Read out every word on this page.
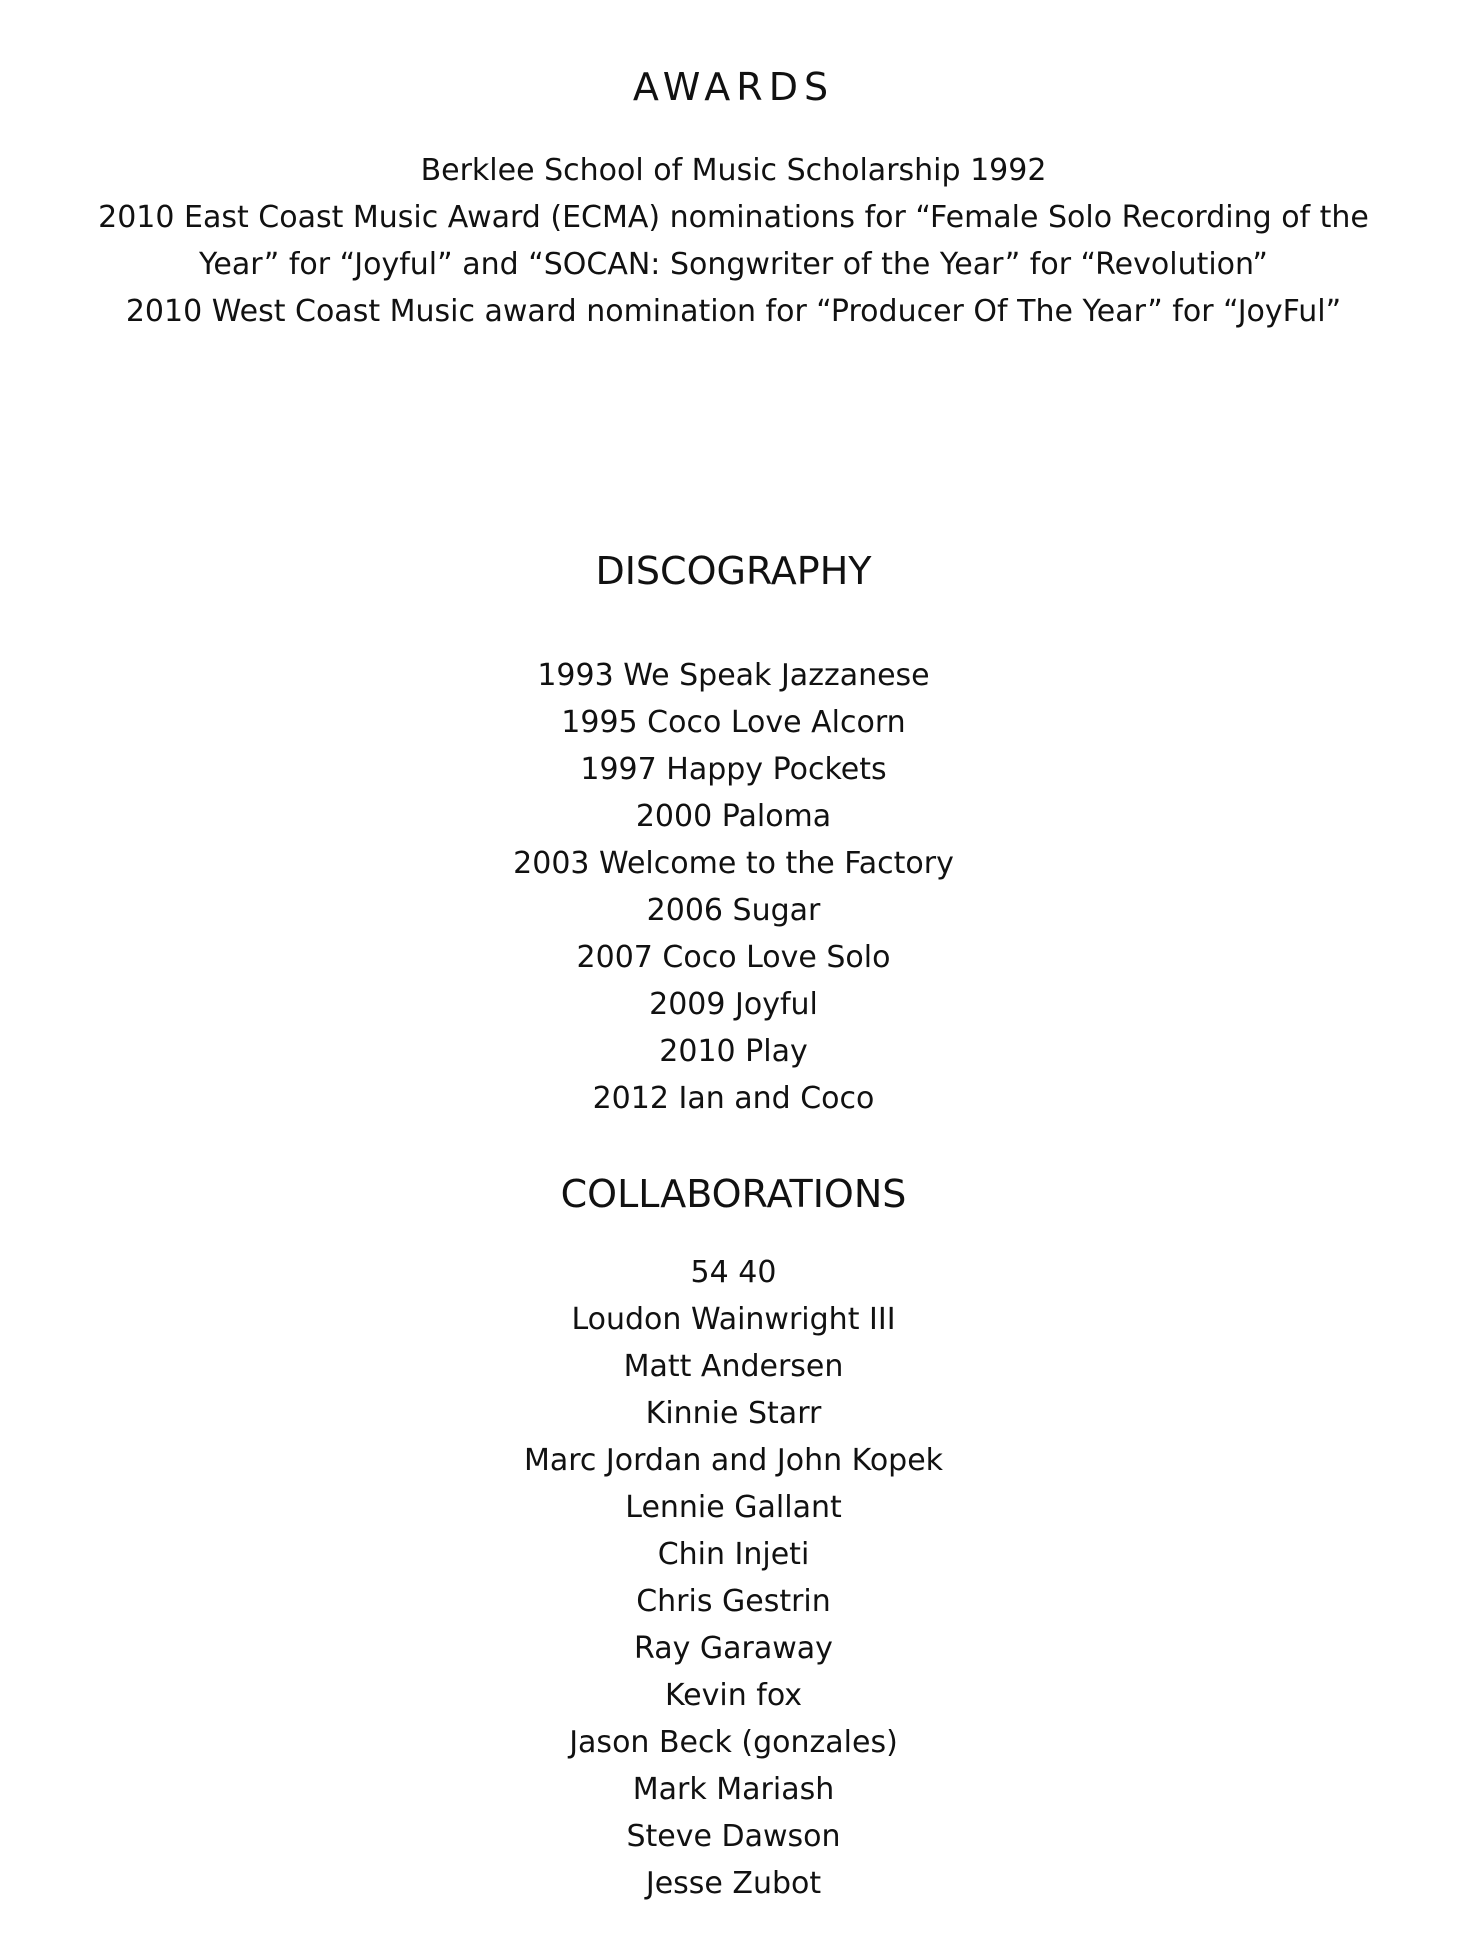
AWARDS
Berklee School of Music Scholarship 1992
2010 East Coast Music Award (ECMA) nominations for “Female Solo Recording of the Year” for “Joyful” and “SOCAN: Songwriter of the Year” for “Revolution”
2010 West Coast Music award nomination for “Producer Of The Year” for “JoyFul”
DISCOGRAPHY
1993 We Speak Jazzanese
1995 Coco Love Alcorn
1997 Happy Pockets
2000 Paloma
2003 Welcome to the Factory
2006 Sugar
2007 Coco Love Solo
2009 Joyful
2010 Play
2012 Ian and Coco
COLLABORATIONS
54 40
Loudon Wainwright III
Matt Andersen
Kinnie Starr
Marc Jordan and John Kopek
Lennie Gallant
Chin Injeti
Chris Gestrin
Ray Garaway
Kevin fox
Jason Beck (gonzales)
Mark Mariash
Steve Dawson
Jesse Zubot
